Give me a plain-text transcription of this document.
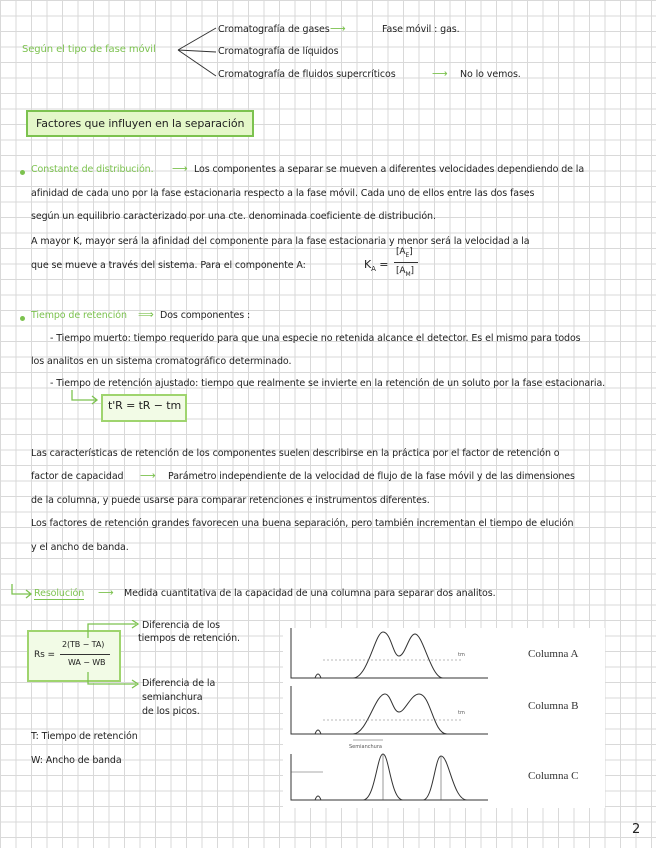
Según el tipo de fase móvil
Cromatografía de gases ⟶	Fase móvil : gas.
Cromatografía de líquidos
Cromatografía de fluidos supercríticos	⟶ No lo vemos.
Factores que influyen en la separación
Constante de distribución. ⟶ Los componentes a separar se mueven a diferentes velocidades dependiendo de la
afinidad de cada uno por la fase estacionaria respecto a la fase móvil. Cada uno de ellos entre las dos fases
según un equilibrio caracterizado por una cte. denominada coeficiente de distribución.
A mayor K, mayor será la afinidad del componente para la fase estacionaria y menor será la velocidad a la
que se mueve a través del sistema. Para el componente A:	$K_A$ =
$[A_E]$
$[A_M]$
Tiempo de retención ⟹ Dos componentes :
- Tiempo muerto: tiempo requerido para que una especie no retenida alcance el detector. Es el mismo para todos
los analitos en un sistema cromatográfico determinado.
- Tiempo de retención ajustado: tiempo que realmente se invierte en la retención de un soluto por la fase estacionaria.
t'R = tR − tm
Las características de retención de los componentes suelen describirse en la práctica por el factor de retención o
factor de capacidad ⟶ Parámetro independiente de la velocidad de flujo de la fase móvil y de las dimensiones
de la columna, y puede usarse para comparar retenciones e instrumentos diferentes.
Los factores de retención grandes favorecen una buena separación, pero también incrementan el tiempo de elución
y el ancho de banda.
Resolución ⟶ Medida cuantitativa de la capacidad de una columna para separar dos analitos.
Rs =
2(TB − TA)
WA − WB
Diferencia de los
tiempos de retención.
Diferencia de la
semianchura
de los picos.
T: Tiempo de retención
W: Ancho de banda
tm
tm
Semianchura
Columna A
Columna B
Columna C
2
